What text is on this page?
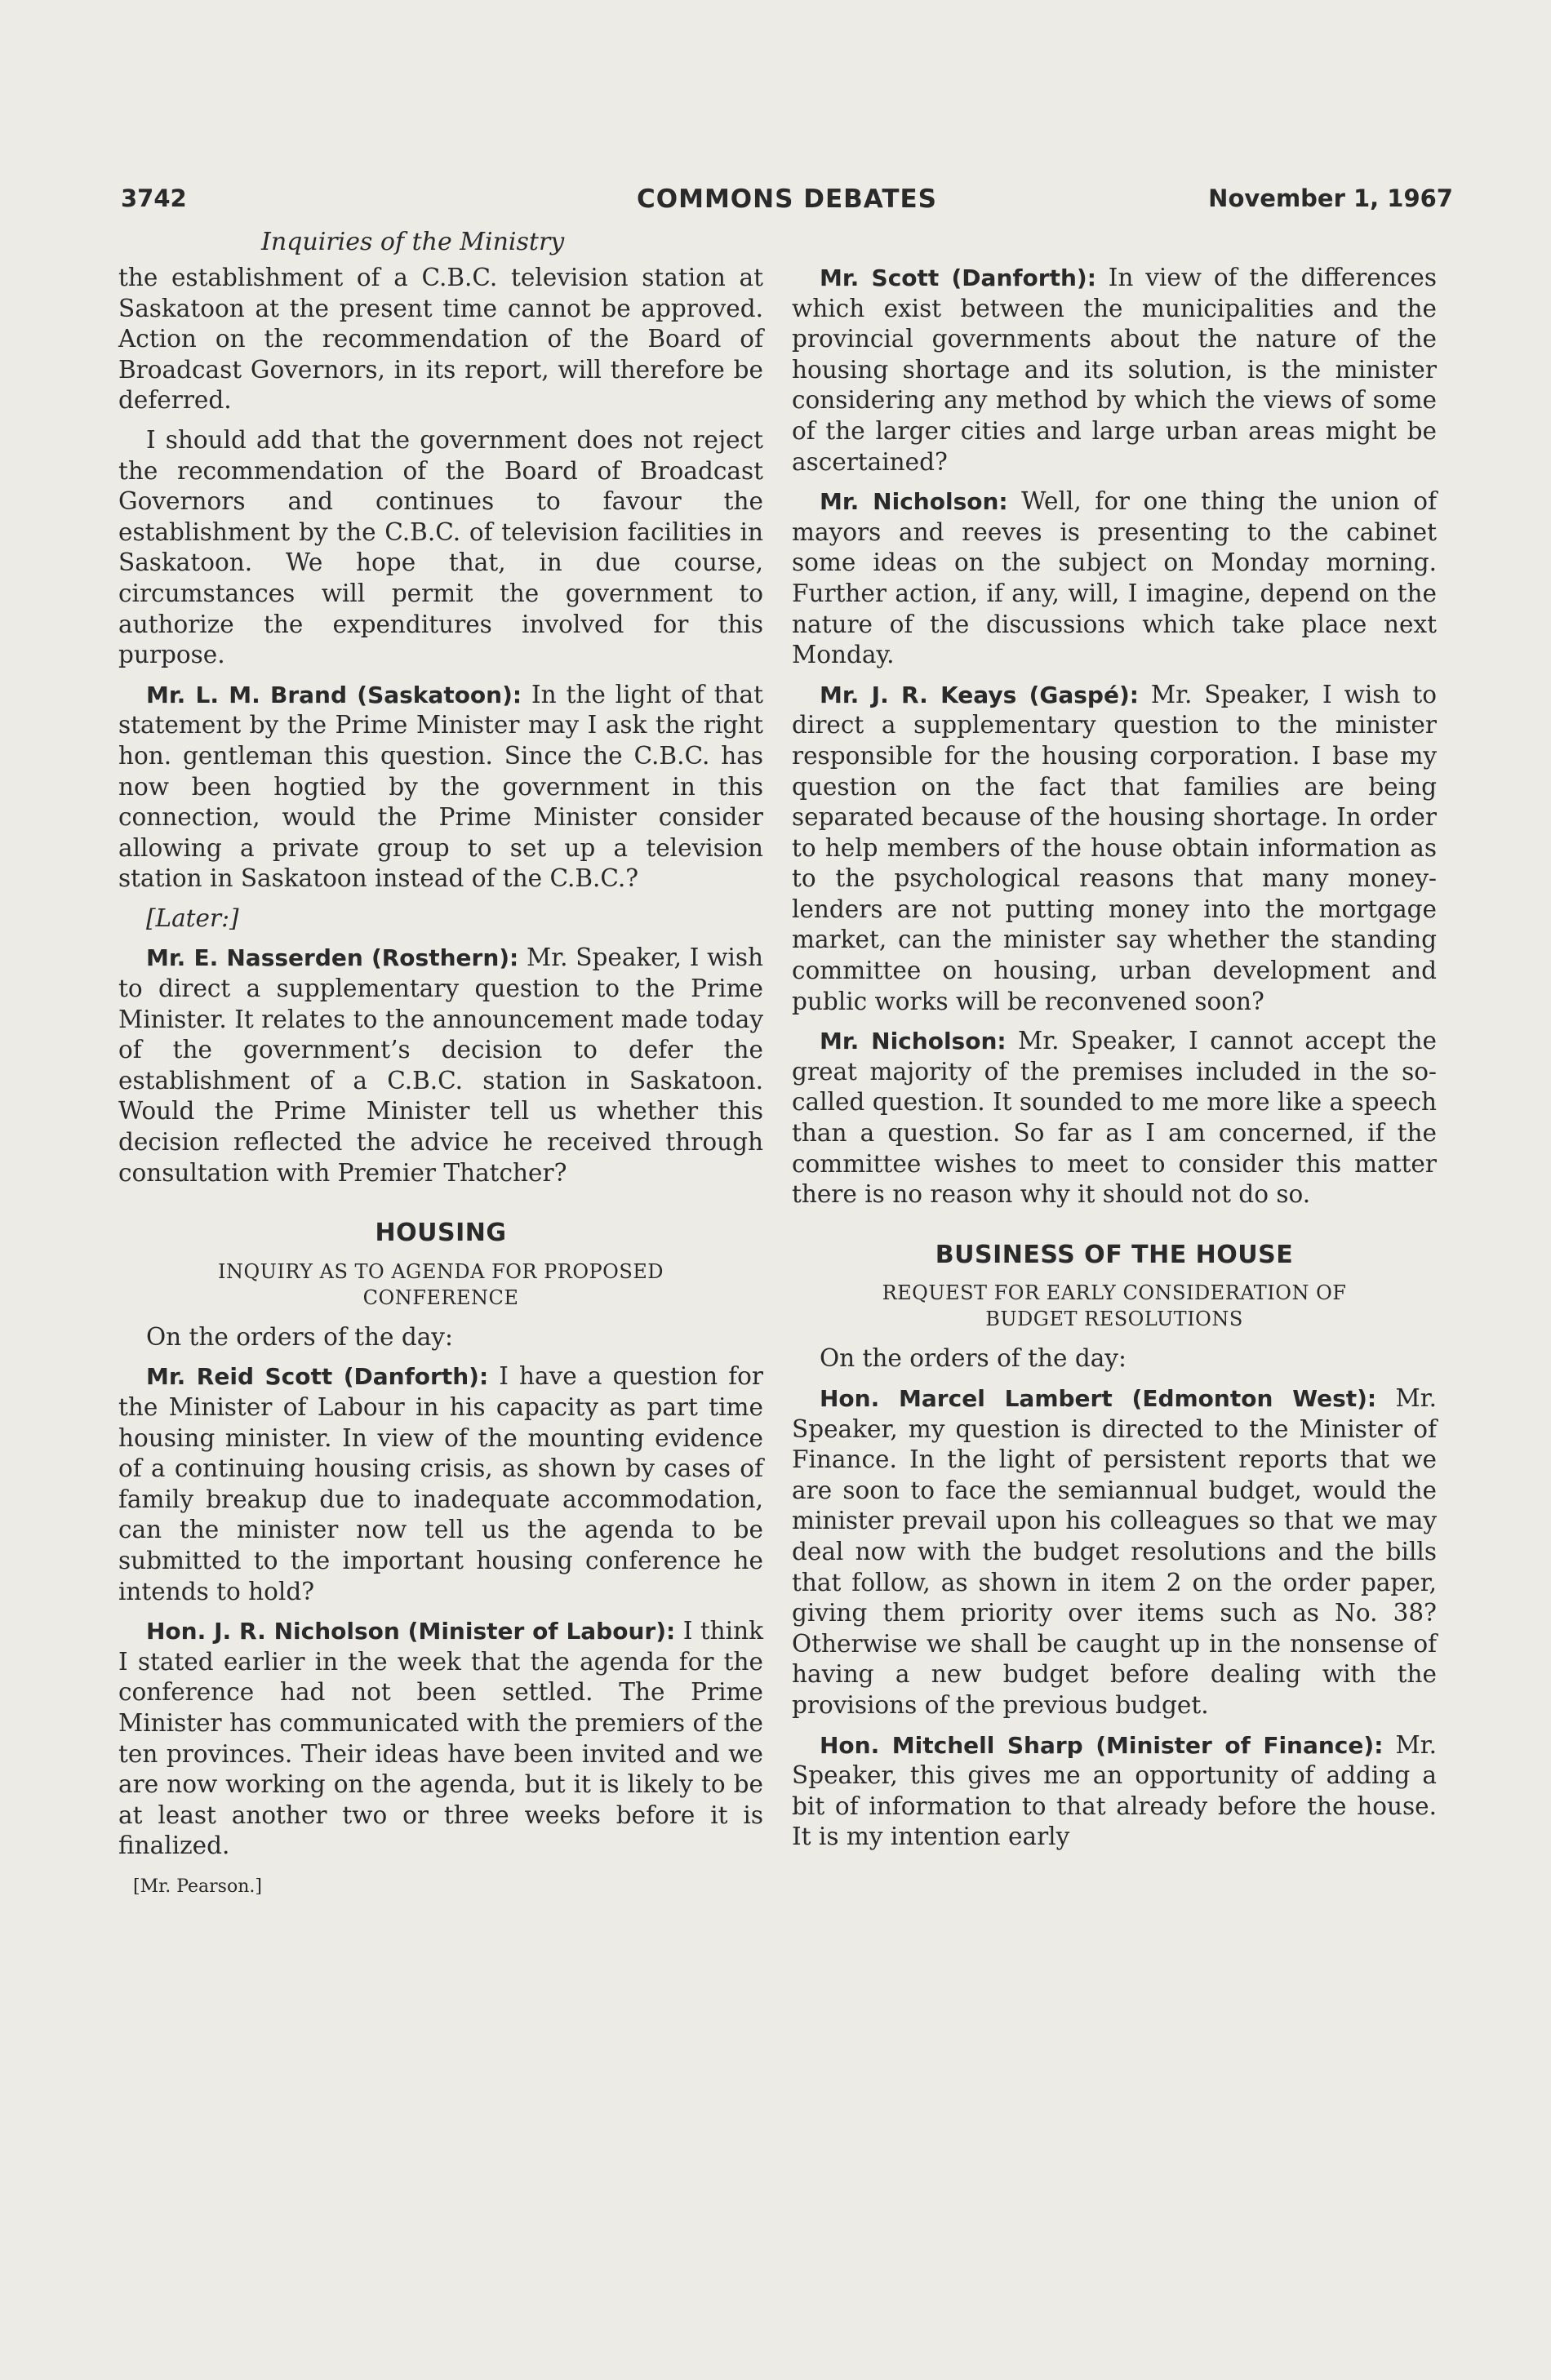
3742	COMMONS DEBATES	November 1, 1967
Inquiries of the Ministry

the establishment of a C.B.C. television station at Saskatoon at the present time cannot be approved. Action on the recommendation of the Board of Broadcast Governors, in its report, will therefore be deferred.

I should add that the government does not reject the recommendation of the Board of Broadcast Governors and continues to favour the establishment by the C.B.C. of television facilities in Saskatoon. We hope that, in due course, circumstances will permit the government to authorize the expenditures involved for this purpose.

Mr. L. M. Brand (Saskatoon): In the light of that statement by the Prime Minister may I ask the right hon. gentleman this question. Since the C.B.C. has now been hogtied by the government in this connection, would the Prime Minister consider allowing a private group to set up a television station in Saskatoon instead of the C.B.C.?

[Later:]

Mr. E. Nasserden (Rosthern): Mr. Speaker, I wish to direct a supplementary question to the Prime Minister. It relates to the announcement made today of the government’s decision to defer the establishment of a C.B.C. station in Saskatoon. Would the Prime Minister tell us whether this decision reflected the advice he received through consultation with Premier Thatcher?

HOUSING
INQUIRY AS TO AGENDA FOR PROPOSED CONFERENCE

On the orders of the day:

Mr. Reid Scott (Danforth): I have a question for the Minister of Labour in his capacity as part time housing minister. In view of the mounting evidence of a continuing housing crisis, as shown by cases of family breakup due to inadequate accommodation, can the minister now tell us the agenda to be submitted to the important housing conference he intends to hold?

Hon. J. R. Nicholson (Minister of Labour): I think I stated earlier in the week that the agenda for the conference had not been settled. The Prime Minister has communicated with the premiers of the ten provinces. Their ideas have been invited and we are now working on the agenda, but it is likely to be at least another two or three weeks before it is finalized.

[Mr. Pearson.]

Mr. Scott (Danforth): In view of the differences which exist between the municipalities and the provincial governments about the nature of the housing shortage and its solution, is the minister considering any method by which the views of some of the larger cities and large urban areas might be ascertained?

Mr. Nicholson: Well, for one thing the union of mayors and reeves is presenting to the cabinet some ideas on the subject on Monday morning. Further action, if any, will, I imagine, depend on the nature of the discussions which take place next Monday.

Mr. J. R. Keays (Gaspé): Mr. Speaker, I wish to direct a supplementary question to the minister responsible for the housing corporation. I base my question on the fact that families are being separated because of the housing shortage. In order to help members of the house obtain information as to the psychological reasons that many money-lenders are not putting money into the mortgage market, can the minister say whether the standing committee on housing, urban development and public works will be reconvened soon?

Mr. Nicholson: Mr. Speaker, I cannot accept the great majority of the premises included in the so-called question. It sounded to me more like a speech than a question. So far as I am concerned, if the committee wishes to meet to consider this matter there is no reason why it should not do so.

BUSINESS OF THE HOUSE
REQUEST FOR EARLY CONSIDERATION OF BUDGET RESOLUTIONS

On the orders of the day:

Hon. Marcel Lambert (Edmonton West): Mr. Speaker, my question is directed to the Minister of Finance. In the light of persistent reports that we are soon to face the semiannual budget, would the minister prevail upon his colleagues so that we may deal now with the budget resolutions and the bills that follow, as shown in item 2 on the order paper, giving them priority over items such as No. 38? Otherwise we shall be caught up in the nonsense of having a new budget before dealing with the provisions of the previous budget.

Hon. Mitchell Sharp (Minister of Finance): Mr. Speaker, this gives me an opportunity of adding a bit of information to that already before the house. It is my intention early
